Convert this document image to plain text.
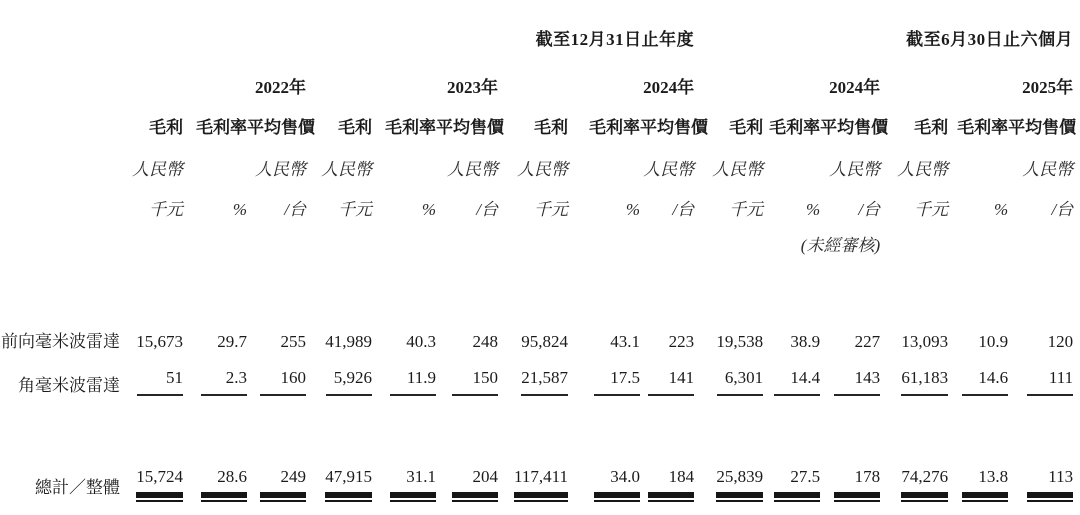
	截至12月31日止年度									截至6月30日止六個月					
	2022年			2023年			2024年			2024年			2025年		
	毛利	毛利率	平均售價	毛利	毛利率	平均售價	毛利	毛利率	平均售價	毛利	毛利率	平均售價	毛利	毛利率	平均售價
	人民幣		人民幣	人民幣		人民幣	人民幣		人民幣	人民幣		人民幣	人民幣		人民幣
	千元	%	/台	千元	%	/台	千元	%	/台	千元	%	/台	千元	%	/台
										(未經審核)					

前向毫米波雷達	15,673	29.7	255	41,989	40.3	248	95,824	43.1	223	19,538	38.9	227	13,093	10.9	120
角毫米波雷達	51	2.3	160	5,926	11.9	150	21,587	17.5	141	6,301	14.4	143	61,183	14.6	111

總計／整體	15,724	28.6	249	47,915	31.1	204	117,411	34.0	184	25,839	27.5	178	74,276	13.8	113
